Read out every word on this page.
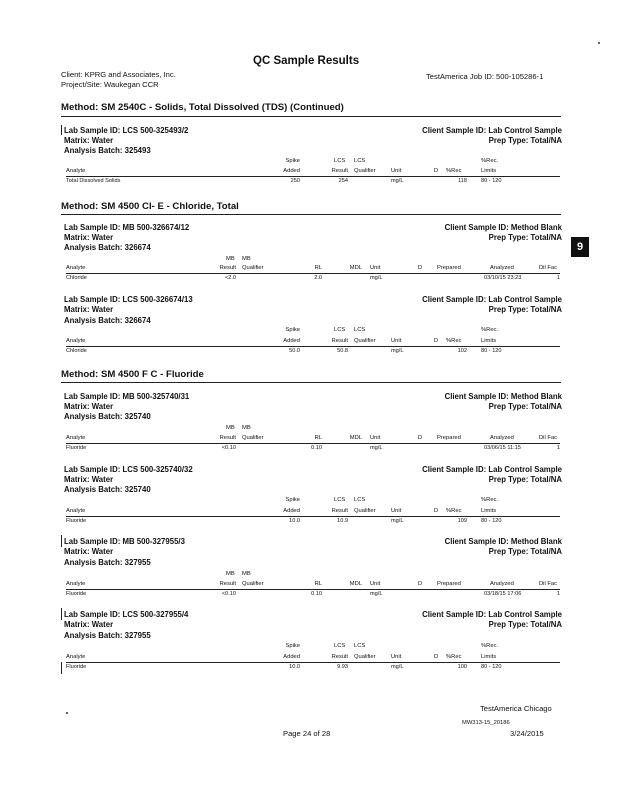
QC Sample Results
Client: KPRG and Associates, Inc.
Project/Site: Waukegan CCR
TestAmerica Job ID: 500-105286-1
9
Method: SM 2540C - Solids, Total Dissolved (TDS) (Continued)
Lab Sample ID: LCS 500-325493/2
Matrix: Water
Analysis Batch: 325493
Client Sample ID: Lab Control Sample
Prep Type: Total/NA
Spike	LCS LCS	%Rec.
Analyte	Added	Result Qualifier	Unit	D %Rec	Limits
Total Dissolved Solids	250	254	mg/L	118	80 - 120
Method: SM 4500 Cl- E - Chloride, Total
Lab Sample ID: MB 500-326674/12
Matrix: Water
Analysis Batch: 326674
Client Sample ID: Method Blank
Prep Type: Total/NA
MB MB
Analyte	Result Qualifier	RL	MDL Unit	D	Prepared	Analyzed	Dil Fac
Chloride	<2.0	2.0	mg/L	03/10/15 23:23	1
Lab Sample ID: LCS 500-326674/13
Matrix: Water
Analysis Batch: 326674
Client Sample ID: Lab Control Sample
Prep Type: Total/NA
Spike	LCS LCS	%Rec.
Analyte	Added	Result Qualifier	Unit	D %Rec	Limits
Chloride	50.0	50.8	mg/L	102	80 - 120
Method: SM 4500 F C - Fluoride
Lab Sample ID: MB 500-325740/31
Matrix: Water
Analysis Batch: 325740
Client Sample ID: Method Blank
Prep Type: Total/NA
MB MB
Analyte	Result Qualifier	RL	MDL Unit	D	Prepared	Analyzed	Dil Fac
Fluoride	<0.10	0.10	mg/L	03/06/15 11:15	1
Lab Sample ID: LCS 500-325740/32
Matrix: Water
Analysis Batch: 325740
Client Sample ID: Lab Control Sample
Prep Type: Total/NA
Spike	LCS LCS	%Rec.
Analyte	Added	Result Qualifier	Unit	D %Rec	Limits
Fluoride	10.0	10.9	mg/L	109	80 - 120
Lab Sample ID: MB 500-327955/3
Matrix: Water
Analysis Batch: 327955
Client Sample ID: Method Blank
Prep Type: Total/NA
MB MB
Analyte	Result Qualifier	RL	MDL Unit	D	Prepared	Analyzed	Dil Fac
Fluoride	<0.10	0.10	mg/L	03/18/15 17:06	1
Lab Sample ID: LCS 500-327955/4
Matrix: Water
Analysis Batch: 327955
Client Sample ID: Lab Control Sample
Prep Type: Total/NA
Spike	LCS LCS	%Rec.
Analyte	Added	Result Qualifier	Unit	D %Rec	Limits
Fluoride	10.0	9.93	mg/L	100	80 - 120
TestAmerica Chicago
MW313-15_20186
Page 24 of 28	3/24/2015
